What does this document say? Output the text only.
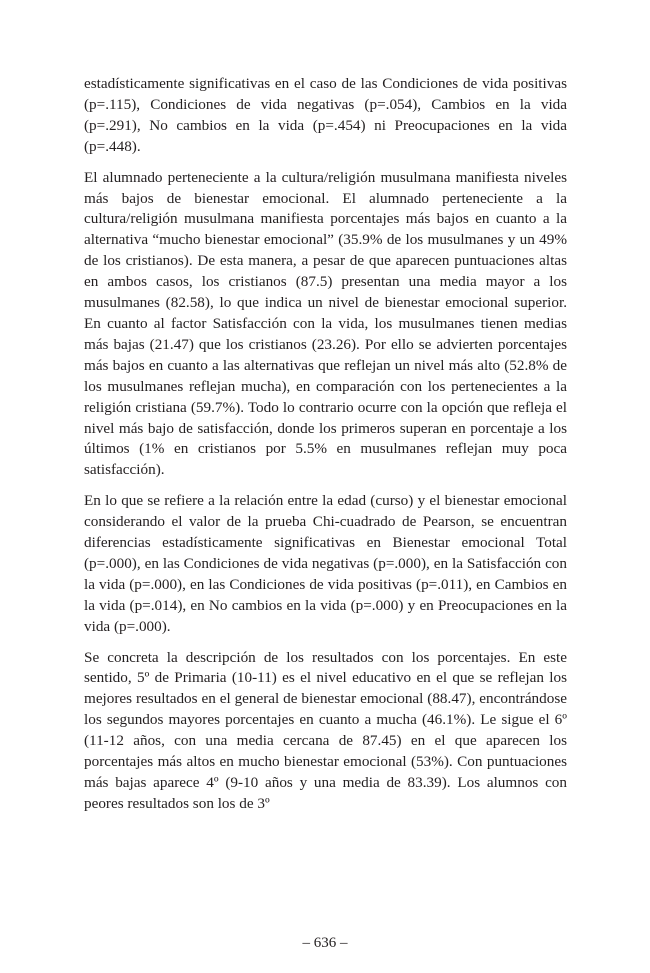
estadísticamente significativas en el caso de las Condiciones de vida positivas (p=.115), Condiciones de vida negativas (p=.054), Cambios en la vida (p=.291), No cambios en la vida (p=.454) ni Preocupaciones en la vida (p=.448).

El alumnado perteneciente a la cultura/religión musulmana manifiesta niveles más bajos de bienestar emocional. El alumnado perteneciente a la cultura/religión musulmana manifiesta porcentajes más bajos en cuanto a la alternativa “mucho bienestar emocional” (35.9% de los musulmanes y un 49% de los cristianos). De esta manera, a pesar de que aparecen puntuaciones altas en ambos casos, los cristianos (87.5) presentan una media mayor a los musulmanes (82.58), lo que indica un nivel de bienestar emocional superior. En cuanto al factor Satisfacción con la vida, los musulmanes tienen medias más bajas (21.47) que los cristianos (23.26). Por ello se advierten porcentajes más bajos en cuanto a las alternativas que reflejan un nivel más alto (52.8% de los musulmanes reflejan mucha), en comparación con los pertenecientes a la religión cristiana (59.7%). Todo lo contrario ocurre con la opción que refleja el nivel más bajo de satisfacción, donde los primeros superan en porcentaje a los últimos (1% en cristianos por 5.5% en musulmanes reflejan muy poca satisfacción).

En lo que se refiere a la relación entre la edad (curso) y el bienestar emocional considerando el valor de la prueba Chi-cuadrado de Pearson, se encuentran diferencias estadísticamente significativas en Bienestar emocional Total (p=.000), en las Condiciones de vida negativas (p=.000), en la Satisfacción con la vida (p=.000), en las Condiciones de vida positivas (p=.011), en Cambios en la vida (p=.014), en No cambios en la vida (p=.000) y en Preocupaciones en la vida (p=.000).

Se concreta la descripción de los resultados con los porcentajes. En este sentido, 5º de Primaria (10-11) es el nivel educativo en el que se reflejan los mejores resultados en el general de bienestar emocional (88.47), encontrándose los segundos mayores porcentajes en cuanto a mucha (46.1%). Le sigue el 6º (11-12 años, con una media cercana de 87.45) en el que aparecen los porcentajes más altos en mucho bienestar emocional (53%). Con puntuaciones más bajas aparece 4º (9-10 años y una media de 83.39). Los alumnos con peores resultados son los de 3º

– 636 –
